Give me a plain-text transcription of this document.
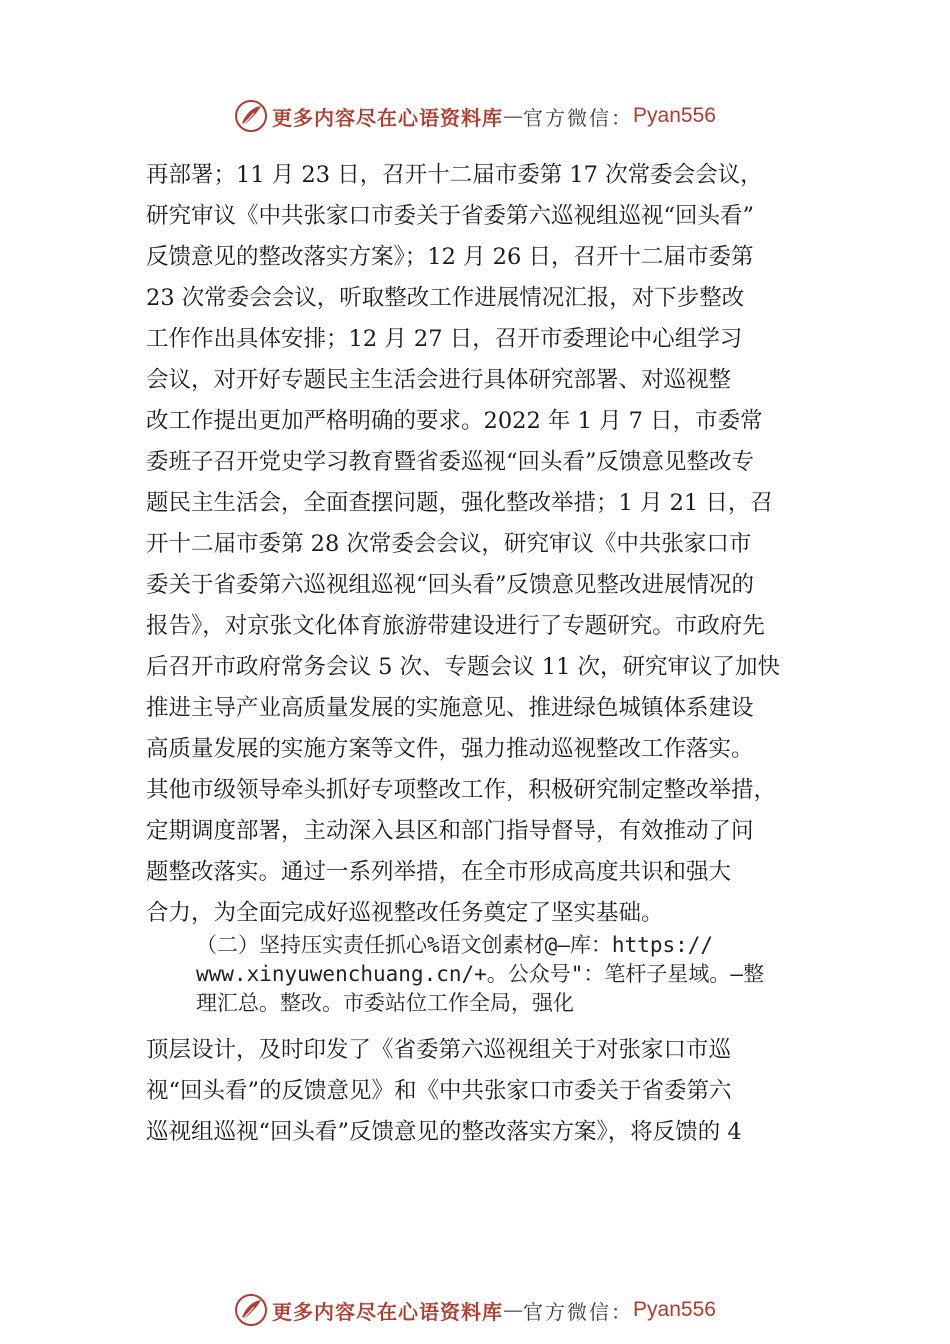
更多内容尽在心语资料库 — 官方微信： Pyan556
再部署；11 月 23 日，召开十二届市委第 17 次常委会会议，
研究审议《中共张家口市委关于省委第六巡视组巡视“回头看”
反馈意见的整改落实方案》；12 月 26 日，召开十二届市委第
23 次常委会会议，听取整改工作进展情况汇报，对下步整改
工作作出具体安排；12 月 27 日，召开市委理论中心组学习
会议，对开好专题民主生活会进行具体研究部署、对巡视整
改工作提出更加严格明确的要求。2022 年 1 月 7 日，市委常
委班子召开党史学习教育暨省委巡视“回头看”反馈意见整改专
题民主生活会，全面查摆问题，强化整改举措；1 月 21 日，召
开十二届市委第 28 次常委会会议，研究审议《中共张家口市
委关于省委第六巡视组巡视“回头看”反馈意见整改进展情况的
报告》，对京张文化体育旅游带建设进行了专题研究。市政府先
后召开市政府常务会议 5 次、专题会议 11 次，研究审议了加快
推进主导产业高质量发展的实施意见、推进绿色城镇体系建设
高质量发展的实施方案等文件，强力推动巡视整改工作落实。
其他市级领导牵头抓好专项整改工作，积极研究制定整改举措，
定期调度部署，主动深入县区和部门指导督导，有效推动了问
题整改落实。通过一系列举措，在全市形成高度共识和强大
合力，为全面完成好巡视整改任务奠定了坚实基础。
（二）坚持压实责任抓心%语文创素材@—库：https://
www.xinyuwenchuang.cn/+。公众号"：笔杆子星域。—整
理汇总。整改。市委站位工作全局，强化
顶层设计，及时印发了《省委第六巡视组关于对张家口市巡
视“回头看”的反馈意见》和《中共张家口市委关于省委第六
巡视组巡视“回头看”反馈意见的整改落实方案》，将反馈的 4
更多内容尽在心语资料库 — 官方微信： Pyan556
